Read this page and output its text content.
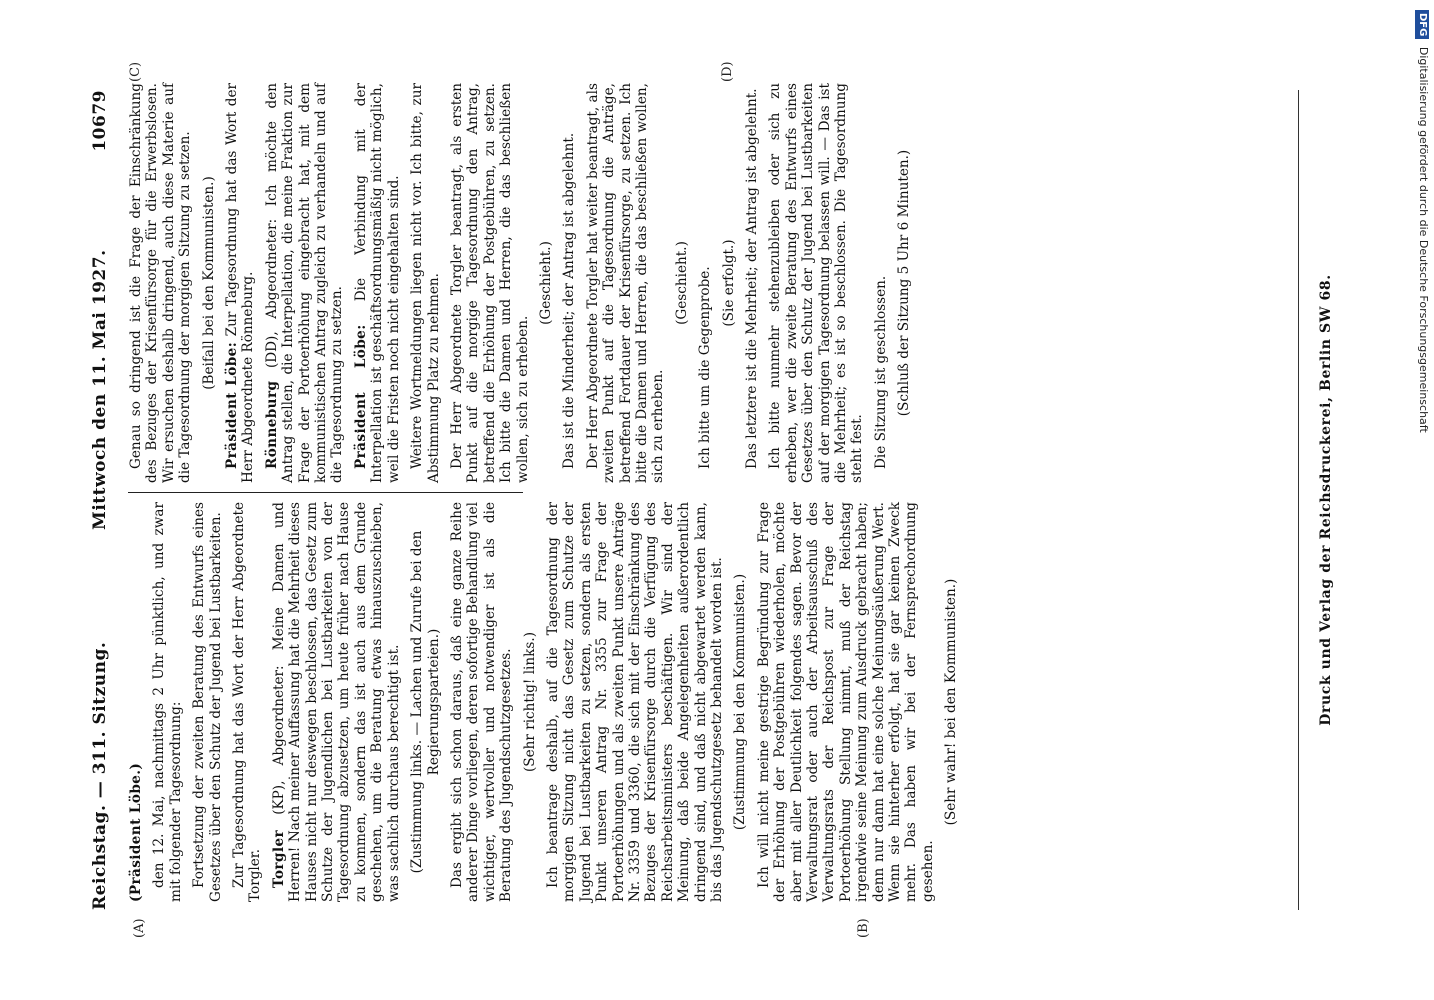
Reichstag. — 311. Sitzung.
Mittwoch den 11. Mai 1927.
10679
(A)	(B)
(C)	(D)

(Präsident Löbe.) den 12. Mai, nachmittags 2 Uhr pünktlich, und zwar mit folgender Tagesordnung: Fortsetzung der zweiten Beratung des Entwurfs eines Gesetzes über den Schutz der Jugend bei Lustbarkeiten. Zur Tagesordnung hat das Wort der Herr Abgeordnete Torgler. Torgler (KP), Abgeordneter: Meine Damen und Herren! Nach meiner Auffassung hat die Mehrheit dieses Hauses nicht nur deswegen beschlossen, das Gesetz zum Schutze der Jugendlichen bei Lustbarkeiten von der Tagesordnung abzusetzen, um heute früher nach Hause zu kommen, sondern das ist auch aus dem Grunde geschehen, um die Beratung etwas hinauszuschieben, was sachlich durchaus berechtigt ist. (Zustimmung links. — Lachen und Zurufe bei den Regierungsparteien.) Das ergibt sich schon daraus, daß eine ganze Reihe anderer Dinge vorliegen, deren sofortige Behandlung viel wichtiger, wertvoller und notwendiger ist als die Beratung des Jugendschutzgesetzes. (Sehr richtig! links.) Ich beantrage deshalb, auf die Tagesordnung der morgigen Sitzung nicht das Gesetz zum Schutze der Jugend bei Lustbarkeiten zu setzen, sondern als ersten Punkt unseren Antrag Nr. 3355 zur Frage der Portoerhöhungen und als zweiten Punkt unsere Anträge Nr. 3359 und 3360, die sich mit der Einschränkung des Bezuges der Krisenfürsorge durch die Verfügung des Reichsarbeitsministers beschäftigen. Wir sind der Meinung, daß beide Angelegenheiten außerordentlich dringend sind, und daß nicht abgewartet werden kann, bis das Jugendschutzgesetz behandelt worden ist. (Zustimmung bei den Kommunisten.) Ich will nicht meine gestrige Begründung zur Frage der Erhöhung der Postgebühren wiederholen, möchte aber mit aller Deutlichkeit folgendes sagen. Bevor der Verwaltungsrat oder auch der Arbeitsausschuß des Verwaltungsrats der Reichspost zur Frage der Portoerhöhung Stellung nimmt, muß der Reichstag irgendwie seine Meinung zum Ausdruck gebracht haben; denn nur dann hat eine solche Meinungsäußerung Wert. Wenn sie hinterher erfolgt, hat sie gar keinen Zweck mehr. Das haben wir bei der Fernsprechordnung gesehen.

(Sehr wahr! bei den Kommunisten.)

Genau so dringend ist die Frage der Einschränkung des Bezuges der Krisenfürsorge für die Erwerbslosen. Wir ersuchen deshalb dringend, auch diese Materie auf die Tagesordnung der morgigen Sitzung zu setzen. (Beifall bei den Kommunisten.)

Präsident Löbe: Zur Tagesordnung hat das Wort der Herr Abgeordnete Rönneburg. Rönneburg (DD), Abgeordneter: Ich möchte den Antrag stellen, die Interpellation, die meine Fraktion zur Frage der Portoerhöhung eingebracht hat, mit dem kommunistischen Antrag zugleich zu verhandeln und auf die Tagesordnung zu setzen. Präsident Löbe: Die Verbindung mit der Interpellation ist geschäftsordnungsmäßig nicht möglich, weil die Fristen noch nicht eingehalten sind. Weitere Wortmeldungen liegen nicht vor. Ich bitte, zur Abstimmung Platz zu nehmen. Der Herr Abgeordnete Torgler beantragt, als ersten Punkt auf die morgige Tagesordnung den Antrag, betreffend die Erhöhung der Postgebühren, zu setzen. Ich bitte die Damen und Herren, die das beschließen wollen, sich zu erheben.

(Geschieht.) Das ist die Minderheit; der Antrag ist abgelehnt. Der Herr Abgeordnete Torgler hat weiter beantragt, als zweiten Punkt auf die Tagesordnung die Anträge, betreffend Fortdauer der Krisenfürsorge, zu setzen. Ich bitte die Damen und Herren, die das beschließen wollen, sich zu erheben.

(Geschieht.) Ich bitte um die Gegenprobe. (Sie erfolgt.) Das letztere ist die Mehrheit; der Antrag ist abgelehnt. Ich bitte nunmehr stehenzubleiben oder sich zu erheben, wer die zweite Beratung des Entwurfs eines Gesetzes über den Schutz der Jugend bei Lustbarkeiten auf der morgigen Tagesordnung belassen will. — Das ist die Mehrheit; es ist so beschlossen. Die Tagesordnung steht fest. Die Sitzung ist geschlossen. (Schluß der Sitzung 5 Uhr 6 Minuten.)	Druck und Verlag der Reichsdruckerei, Berlin SW 68.
DFG Digitalisierung gefördert durch die Deutsche Forschungsgemeinschaft
